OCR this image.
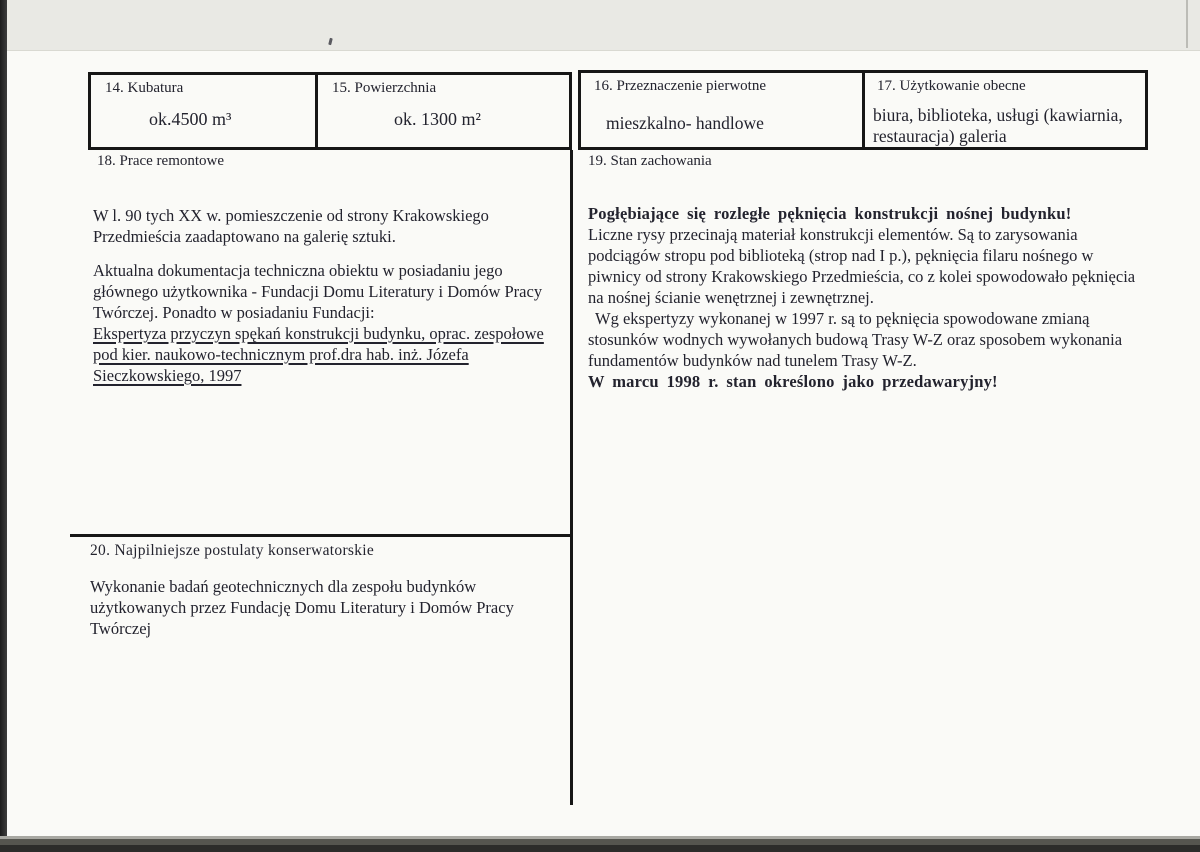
14. Kubatura
ok.4500 m³
15. Powierzchnia
ok. 1300 m²
16. Przeznaczenie pierwotne
mieszkalno- handlowe
17. Użytkowanie obecne
biura, biblioteka, usługi (kawiarnia, restauracja) galeria
18. Prace remontowe

W l. 90 tych XX w. pomieszczenie od strony Krakowskiego Przedmieścia zaadaptowano na galerię sztuki.

Aktualna dokumentacja techniczna obiektu w posiadaniu jego głównego użytkownika - Fundacji Domu Literatury i Domów Pracy Twórczej. Ponadto w posiadaniu Fundacji:

Ekspertyza przyczyn spękań konstrukcji budynku, oprac. zespołowe pod kier. naukowo-technicznym prof.dra hab. inż. Józefa Sieczkowskiego, 1997

19. Stan zachowania

Pogłębiające się rozległe pęknięcia konstrukcji nośnej budynku!

Liczne rysy przecinają materiał konstrukcji elementów. Są to zarysowania podciągów stropu pod biblioteką (strop nad I p.), pęknięcia filaru nośnego w piwnicy od strony Krakowskiego Przedmieścia, co z kolei spowodowało pęknięcia na nośnej ścianie wenętrznej i zewnętrznej.

Wg ekspertyzy wykonanej w 1997 r. są to pęknięcia spowodowane zmianą stosunków wodnych wywołanych budową Trasy W-Z oraz sposobem wykonania fundamentów budynków nad tunelem Trasy W-Z.

W marcu 1998 r. stan określono jako przedawaryjny!

20. Najpilniejsze postulaty konserwatorskie

Wykonanie badań geotechnicznych dla zespołu budynków użytkowanych przez Fundację Domu Literatury i Domów Pracy Twórczej
